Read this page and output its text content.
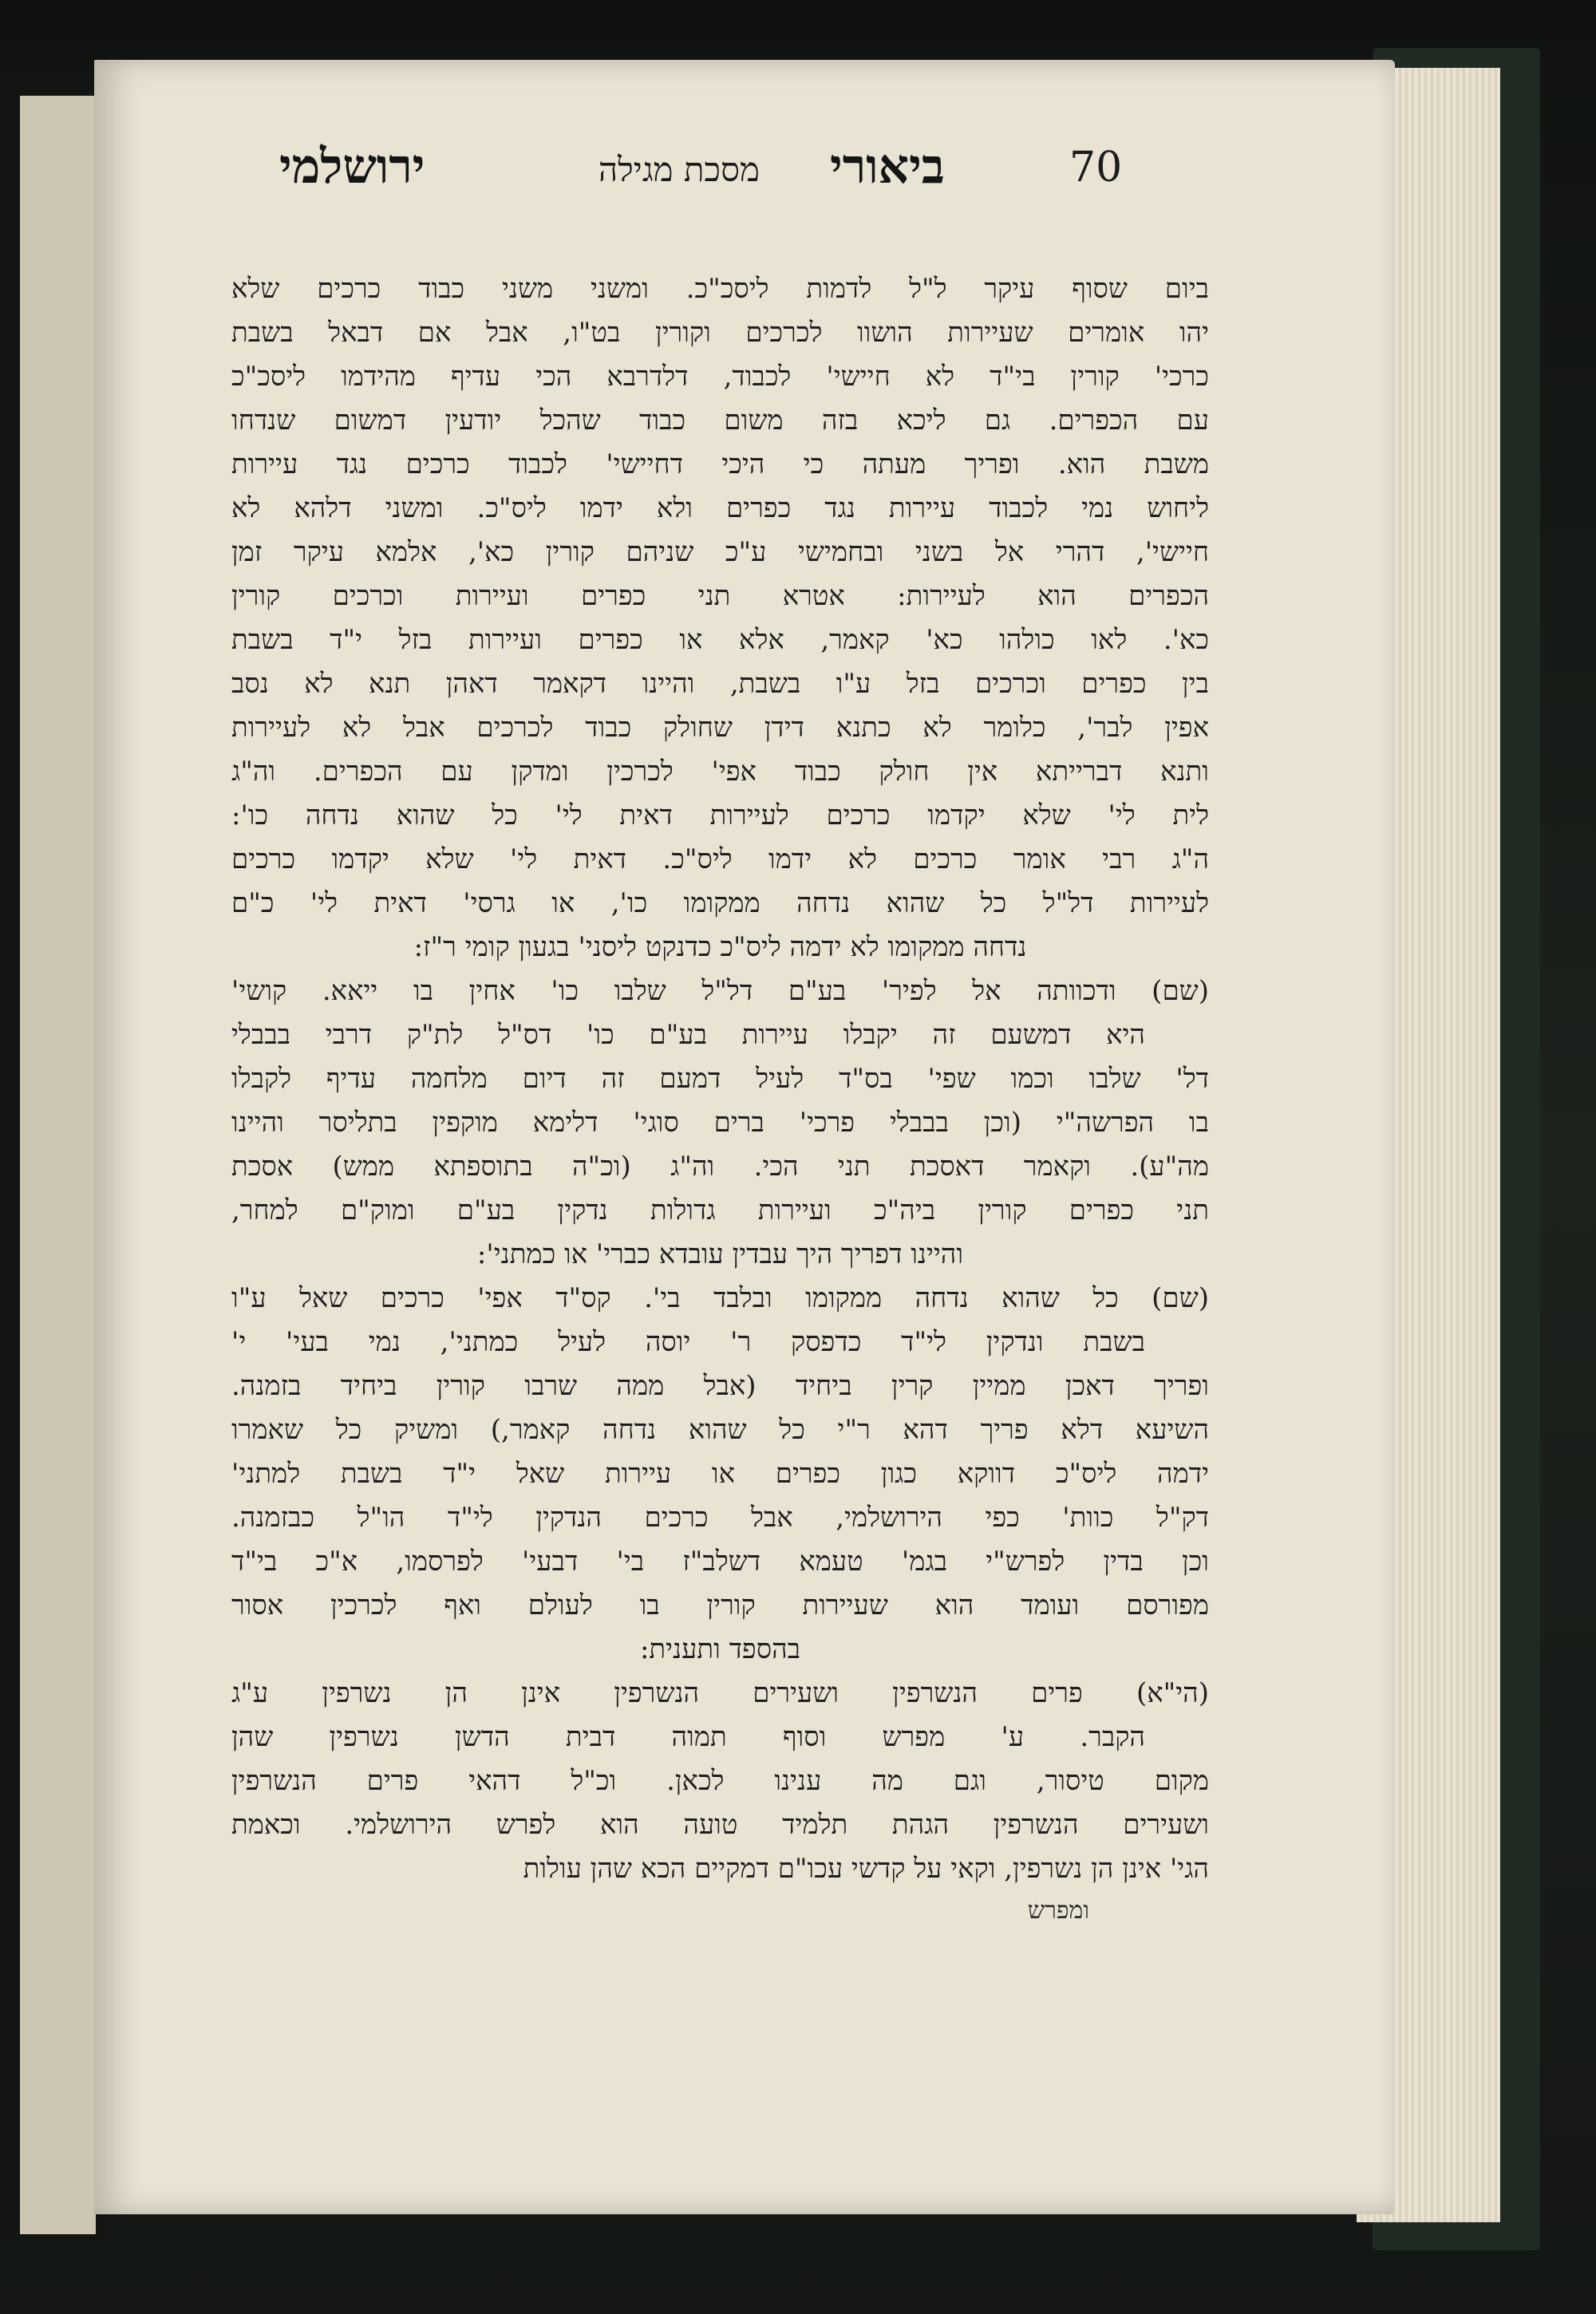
70
ביאורי
מסכת מגילה
ירושלמי
ביום שסוף עיקר ל"ל לדמות ליסכ"כ. ומשני משני כבוד כרכים שלא
יהו אומרים שעיירות הושוו לכרכים וקורין בט"ו, אבל אם דבאל בשבת
כרכי' קורין בי"ד לא חיישי' לכבוד, דלדרבא הכי עדיף מהידמו ליסכ"כ
עם הכפרים. גם ליכא בזה משום כבוד שהכל יודעין דמשום שנדחו
משבת הוא. ופריך מעתה כי היכי דחיישי' לכבוד כרכים נגד עיירות
ליחוש נמי לכבוד עיירות נגד כפרים ולא ידמו ליס"כ. ומשני דלהא לא
חיישי', דהרי אל בשני ובחמישי ע"כ שניהם קורין כא', אלמא עיקר זמן
הכפרים הוא לעיירות: אטרא תני כפרים ועיירות וכרכים קורין
כא'. לאו כולהו כא' קאמר, אלא או כפרים ועיירות בזל י"ד בשבת
בין כפרים וכרכים בזל ע"ו בשבת, והיינו דקאמר דאהן תנא לא נסב
אפין לבר', כלומר לא כתנא דידן שחולק כבוד לכרכים אבל לא לעיירות
ותנא דברייתא אין חולק כבוד אפי' לכרכין ומדקן עם הכפרים. וה"ג
לית לי' שלא יקדמו כרכים לעיירות דאית לי' כל שהוא נדחה כו':
ה"ג רבי אומר כרכים לא ידמו ליס"כ. דאית לי' שלא יקדמו כרכים
לעיירות דל"ל כל שהוא נדחה ממקומו כו', או גרסי' דאית לי' כ"ם
נדחה ממקומו לא ידמה ליס"כ כדנקט ליסני' בגעון קומי ר"ז:
(שם) ודכוותה אל לפיר' בע"ם דל"ל שלבו כו' אחין בו ייאא. קושי'
היא דמשעם זה יקבלו עיירות בע"ם כו' דס"ל לת"ק דרבי בבבלי
דל' שלבו וכמו שפי' בס"ד לעיל דמעם זה דיום מלחמה עדיף לקבלו
בו הפרשה"י (וכן בבבלי פרכי' ברים סוגי' דלימא מוקפין בתליסר והיינו
מה"ע). וקאמר דאסכת תני הכי. וה"ג (וכ"ה בתוספתא ממש) אסכת
תני כפרים קורין ביה"כ ועיירות גדולות נדקין בע"ם ומוק"ם למחר,
והיינו דפריך היך עבדין עובדא כברי' או כמתני':
(שם) כל שהוא נדחה ממקומו ובלבד בי'. קס"ד אפי' כרכים שאל ע"ו
בשבת ונדקין לי"ד כדפסק ר' יוסה לעיל כמתני', נמי בעי' י'
ופריך דאכן ממיין קרין ביחיד (אבל ממה שרבו קורין ביחיד בזמנה.
השיעא דלא פריך דהא ר"י כל שהוא נדחה קאמר,) ומשיק כל שאמרו
ידמה ליס"כ דווקא כגון כפרים או עיירות שאל י"ד בשבת למתני'
דק"ל כוות' כפי הירושלמי, אבל כרכים הנדקין לי"ד הו"ל כבזמנה.
וכן בדין לפרש"י בגמ' טעמא דשלב"ז בי' דבעי' לפרסמו, א"כ בי"ד
מפורסם ועומד הוא שעיירות קורין בו לעולם ואף לכרכין אסור
בהספד ותענית:
(הי"א) פרים הנשרפין ושעירים הנשרפין אינן הן נשרפין ע"ג
הקבר. ע' מפרש וסוף תמוה דבית הדשן נשרפין שהן
מקום טיסור, וגם מה ענינו לכאן. וכ"ל דהאי פרים הנשרפין
ושעירים הנשרפין הגהת תלמיד טועה הוא לפרש הירושלמי. וכאמת
הגי' אינן הן נשרפין, וקאי על קדשי עכו"ם דמקיים הכא שהן עולות
ומפרש
